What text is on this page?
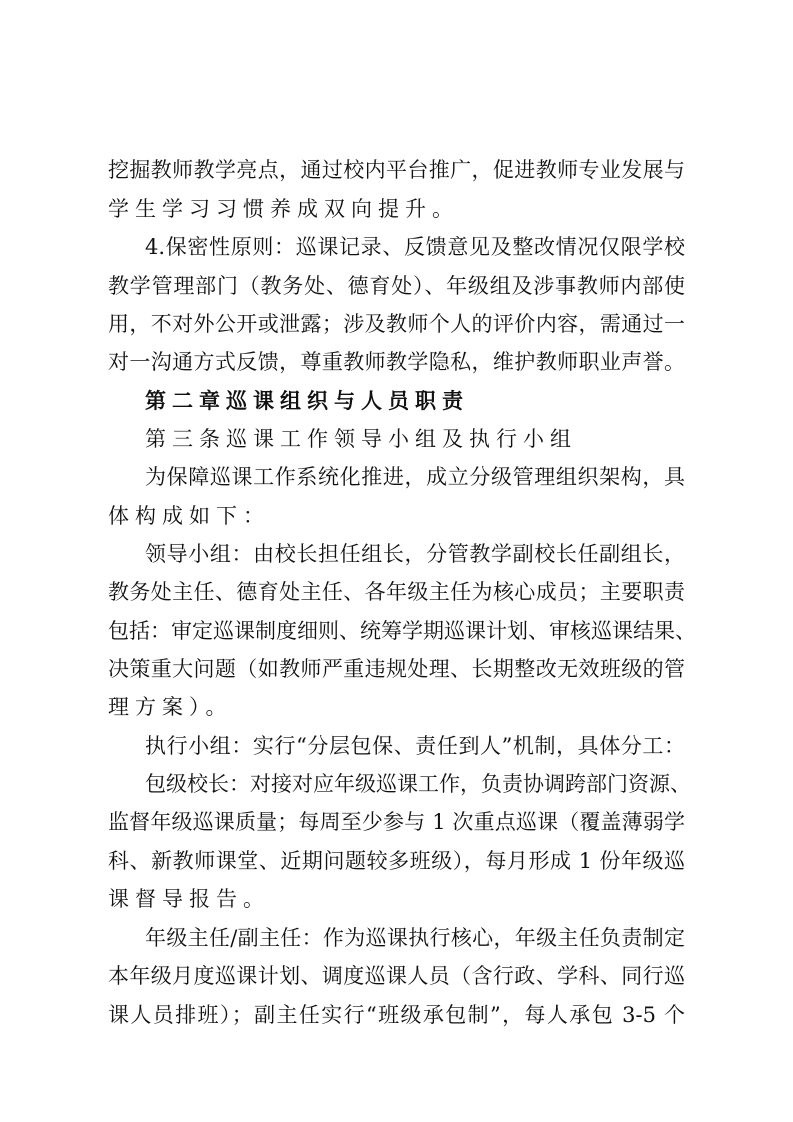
挖掘教师教学亮点，通过校内平台推广，促进教师专业发展与
学生学习习惯养成双向提升。
4.保密性原则：巡课记录、反馈意见及整改情况仅限学校
教学管理部门（教务处、德育处）、年级组及涉事教师内部使
用，不对外公开或泄露；涉及教师个人的评价内容，需通过一
对一沟通方式反馈，尊重教师教学隐私，维护教师职业声誉。
第二章巡课组织与人员职责
第三条巡课工作领导小组及执行小组
为保障巡课工作系统化推进，成立分级管理组织架构，具
体构成如下：
领导小组：由校长担任组长，分管教学副校长任副组长，
教务处主任、德育处主任、各年级主任为核心成员；主要职责
包括：审定巡课制度细则、统筹学期巡课计划、审核巡课结果、
决策重大问题（如教师严重违规处理、长期整改无效班级的管
理方案）。
执行小组：实行“分层包保、责任到人”机制，具体分工：
包级校长：对接对应年级巡课工作，负责协调跨部门资源、
监督年级巡课质量；每周至少参与 1 次重点巡课（覆盖薄弱学
科、新教师课堂、近期问题较多班级），每月形成 1 份年级巡
课督导报告。
年级主任/副主任：作为巡课执行核心，年级主任负责制定
本年级月度巡课计划、调度巡课人员（含行政、学科、同行巡
课人员排班）；副主任实行“班级承包制”，每人承包 3-5 个
